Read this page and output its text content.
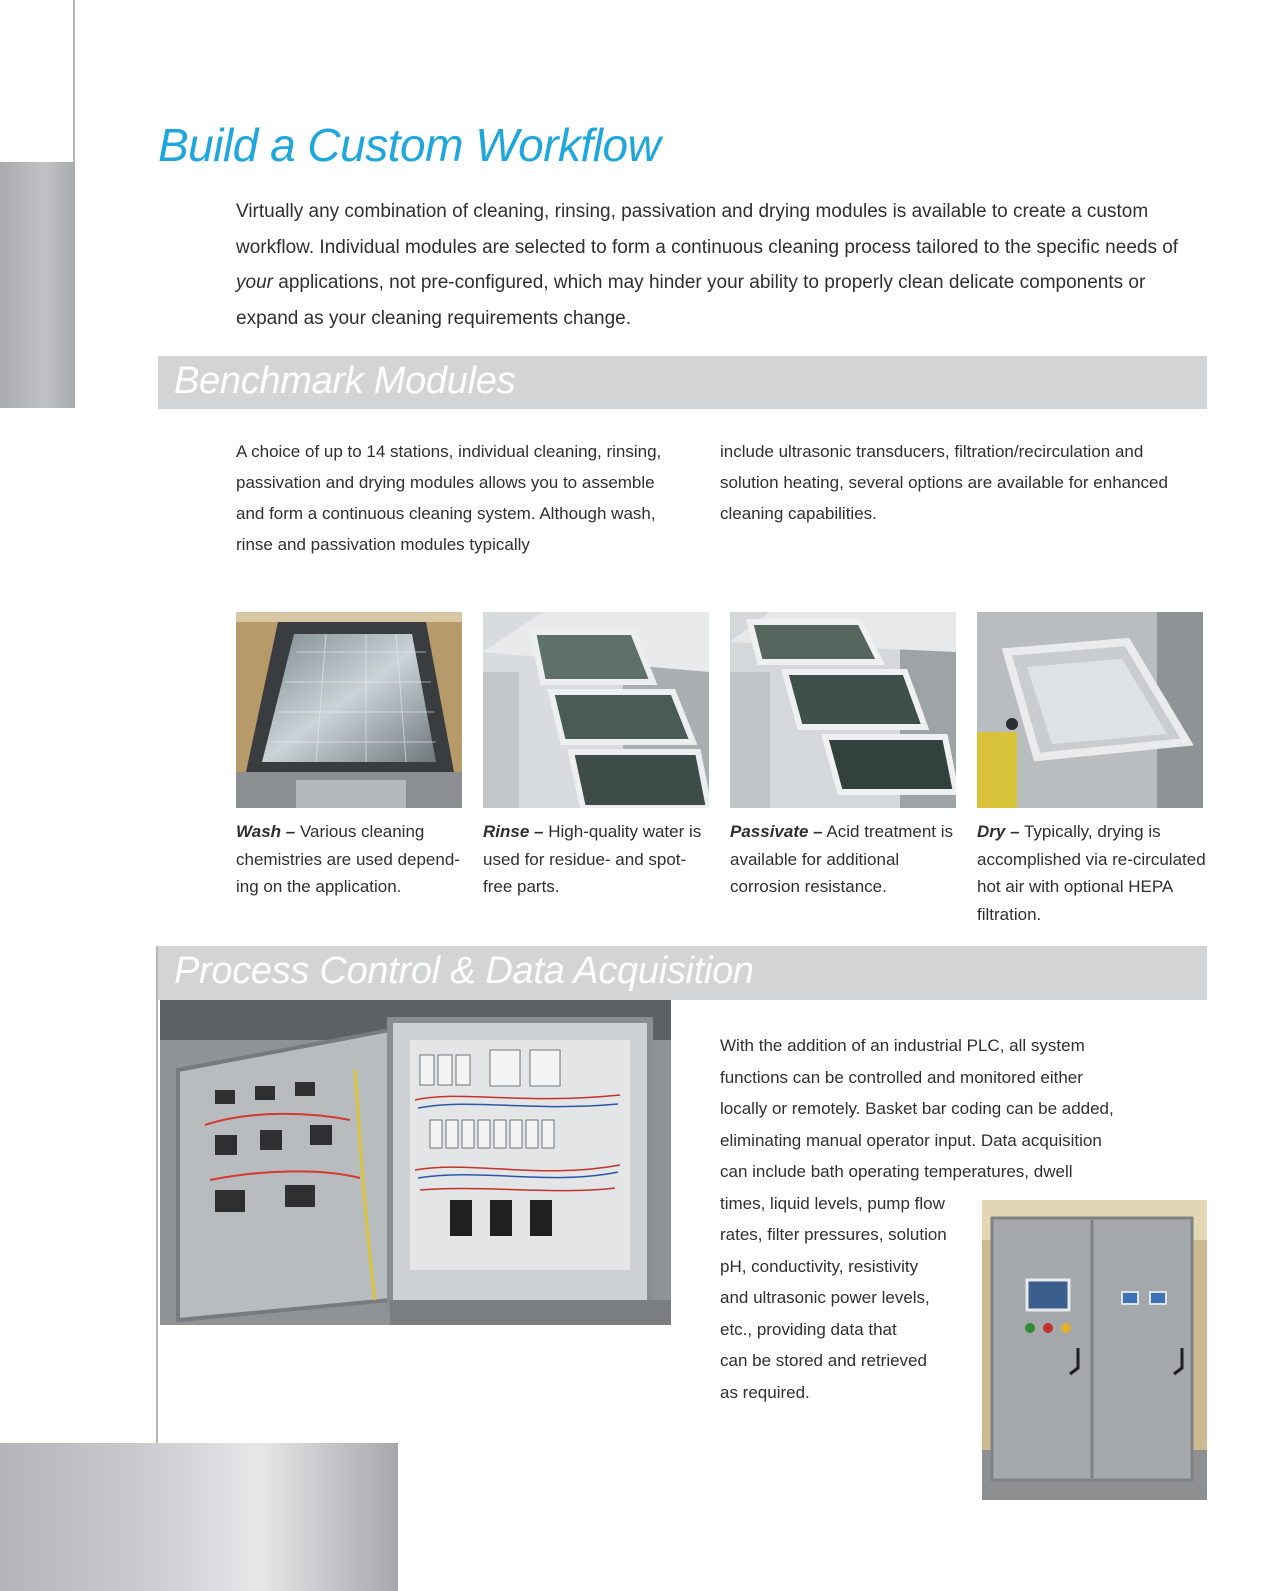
Build a Custom Workflow

Virtually any combination of cleaning, rinsing, passivation and drying modules is available to create a custom workflow. Individual modules are selected to form a continuous cleaning process tailored to the specific needs of your applications, not pre-configured, which may hinder your ability to properly clean delicate components or expand as your cleaning requirements change.

Benchmark Modules

A choice of up to 14 stations, individual cleaning, rinsing, passivation and drying modules allows you to assemble and form a continuous cleaning system. Although wash, rinse and passivation modules typically

include ultrasonic transducers, filtration/recirculation and solution heating, several options are available for enhanced cleaning capabilities.

Wash – Various cleaning chemistries are used depend-ing on the application.

Rinse – High-quality water is used for residue- and spot-free parts.

Passivate – Acid treatment is available for additional corrosion resistance.

Dry – Typically, drying is accomplished via re-circulated hot air with optional HEPA filtration.

Process Control & Data Acquisition

With the addition of an industrial PLC, all system
functions can be controlled and monitored either
locally or remotely. Basket bar coding can be added,
eliminating manual operator input. Data acquisition
can include bath operating temperatures, dwell
times, liquid levels, pump flow
rates, filter pressures, solution
pH, conductivity, resistivity
and ultrasonic power levels,
etc., providing data that
can be stored and retrieved
as required.
